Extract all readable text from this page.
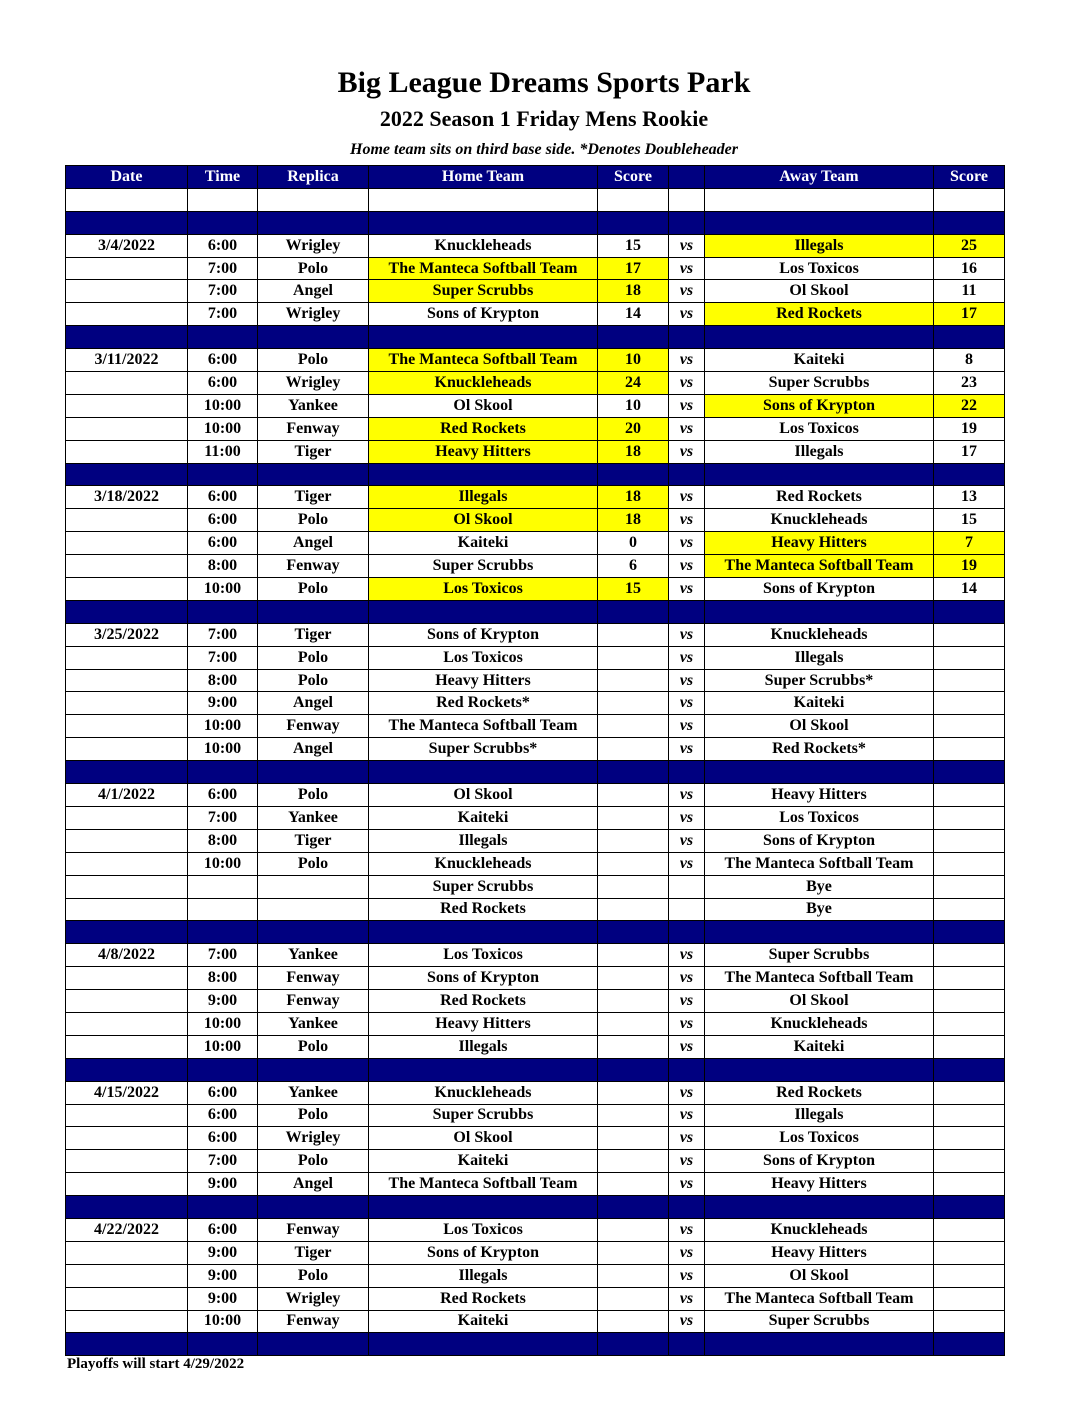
Big League Dreams Sports Park
2022 Season 1 Friday Mens Rookie

Home team sits on third base side. *Denotes Doubleheader

Date	Time	Replica	Home Team	Score		Away Team	Score

3/4/2022	6:00	Wrigley	Knuckleheads	15	vs	Illegals	25
	7:00	Polo	The Manteca Softball Team	17	vs	Los Toxicos	16
	7:00	Angel	Super Scrubbs	18	vs	Ol Skool	11
	7:00	Wrigley	Sons of Krypton	14	vs	Red Rockets	17

3/11/2022	6:00	Polo	The Manteca Softball Team	10	vs	Kaiteki	8
	6:00	Wrigley	Knuckleheads	24	vs	Super Scrubbs	23
	10:00	Yankee	Ol Skool	10	vs	Sons of Krypton	22
	10:00	Fenway	Red Rockets	20	vs	Los Toxicos	19
	11:00	Tiger	Heavy Hitters	18	vs	Illegals	17

3/18/2022	6:00	Tiger	Illegals	18	vs	Red Rockets	13
	6:00	Polo	Ol Skool	18	vs	Knuckleheads	15
	6:00	Angel	Kaiteki	0	vs	Heavy Hitters	7
	8:00	Fenway	Super Scrubbs	6	vs	The Manteca Softball Team	19
	10:00	Polo	Los Toxicos	15	vs	Sons of Krypton	14

3/25/2022	7:00	Tiger	Sons of Krypton		vs	Knuckleheads	
	7:00	Polo	Los Toxicos		vs	Illegals	
	8:00	Polo	Heavy Hitters		vs	Super Scrubbs*	
	9:00	Angel	Red Rockets*		vs	Kaiteki	
	10:00	Fenway	The Manteca Softball Team		vs	Ol Skool	
	10:00	Angel	Super Scrubbs*		vs	Red Rockets*	

4/1/2022	6:00	Polo	Ol Skool		vs	Heavy Hitters	
	7:00	Yankee	Kaiteki		vs	Los Toxicos	
	8:00	Tiger	Illegals		vs	Sons of Krypton	
	10:00	Polo	Knuckleheads		vs	The Manteca Softball Team	
			Super Scrubbs			Bye	
			Red Rockets			Bye	

4/8/2022	7:00	Yankee	Los Toxicos		vs	Super Scrubbs	
	8:00	Fenway	Sons of Krypton		vs	The Manteca Softball Team	
	9:00	Fenway	Red Rockets		vs	Ol Skool	
	10:00	Yankee	Heavy Hitters		vs	Knuckleheads	
	10:00	Polo	Illegals		vs	Kaiteki	

4/15/2022	6:00	Yankee	Knuckleheads		vs	Red Rockets	
	6:00	Polo	Super Scrubbs		vs	Illegals	
	6:00	Wrigley	Ol Skool		vs	Los Toxicos	
	7:00	Polo	Kaiteki		vs	Sons of Krypton	
	9:00	Angel	The Manteca Softball Team		vs	Heavy Hitters	

4/22/2022	6:00	Fenway	Los Toxicos		vs	Knuckleheads	
	9:00	Tiger	Sons of Krypton		vs	Heavy Hitters	
	9:00	Polo	Illegals		vs	Ol Skool	
	9:00	Wrigley	Red Rockets		vs	The Manteca Softball Team	
	10:00	Fenway	Kaiteki		vs	Super Scrubbs	

Playoffs will start 4/29/2022
